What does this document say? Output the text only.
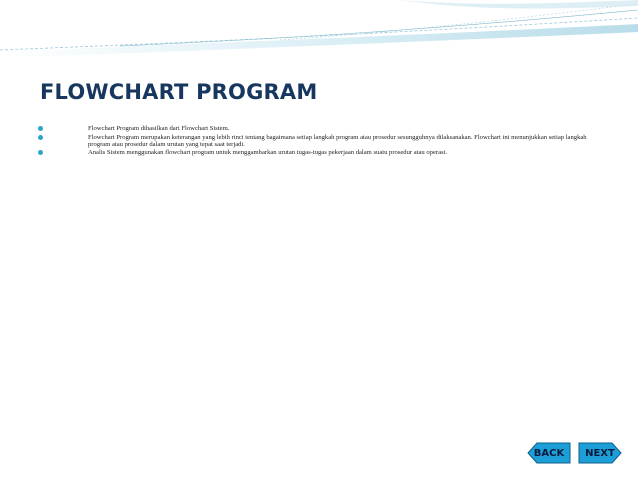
FLOWCHART PROGRAM
Flowchart Program dihasilkan dari Flowchart Sistem.
Flowchart Program merupakan keterangan yang lebih rinci tentang bagaimana setiap langkah program atau prosedur sesungguhnya dilaksanakan. Flowchart ini menunjukkan setiap langkah program atau prosedur dalam urutan yang tepat saat terjadi.
Analis Sistem menggunakan flowchart program untuk menggambarkan urutan tugas-tugas pekerjaan dalam suatu prosedur atau operasi.
BACK NEXT
